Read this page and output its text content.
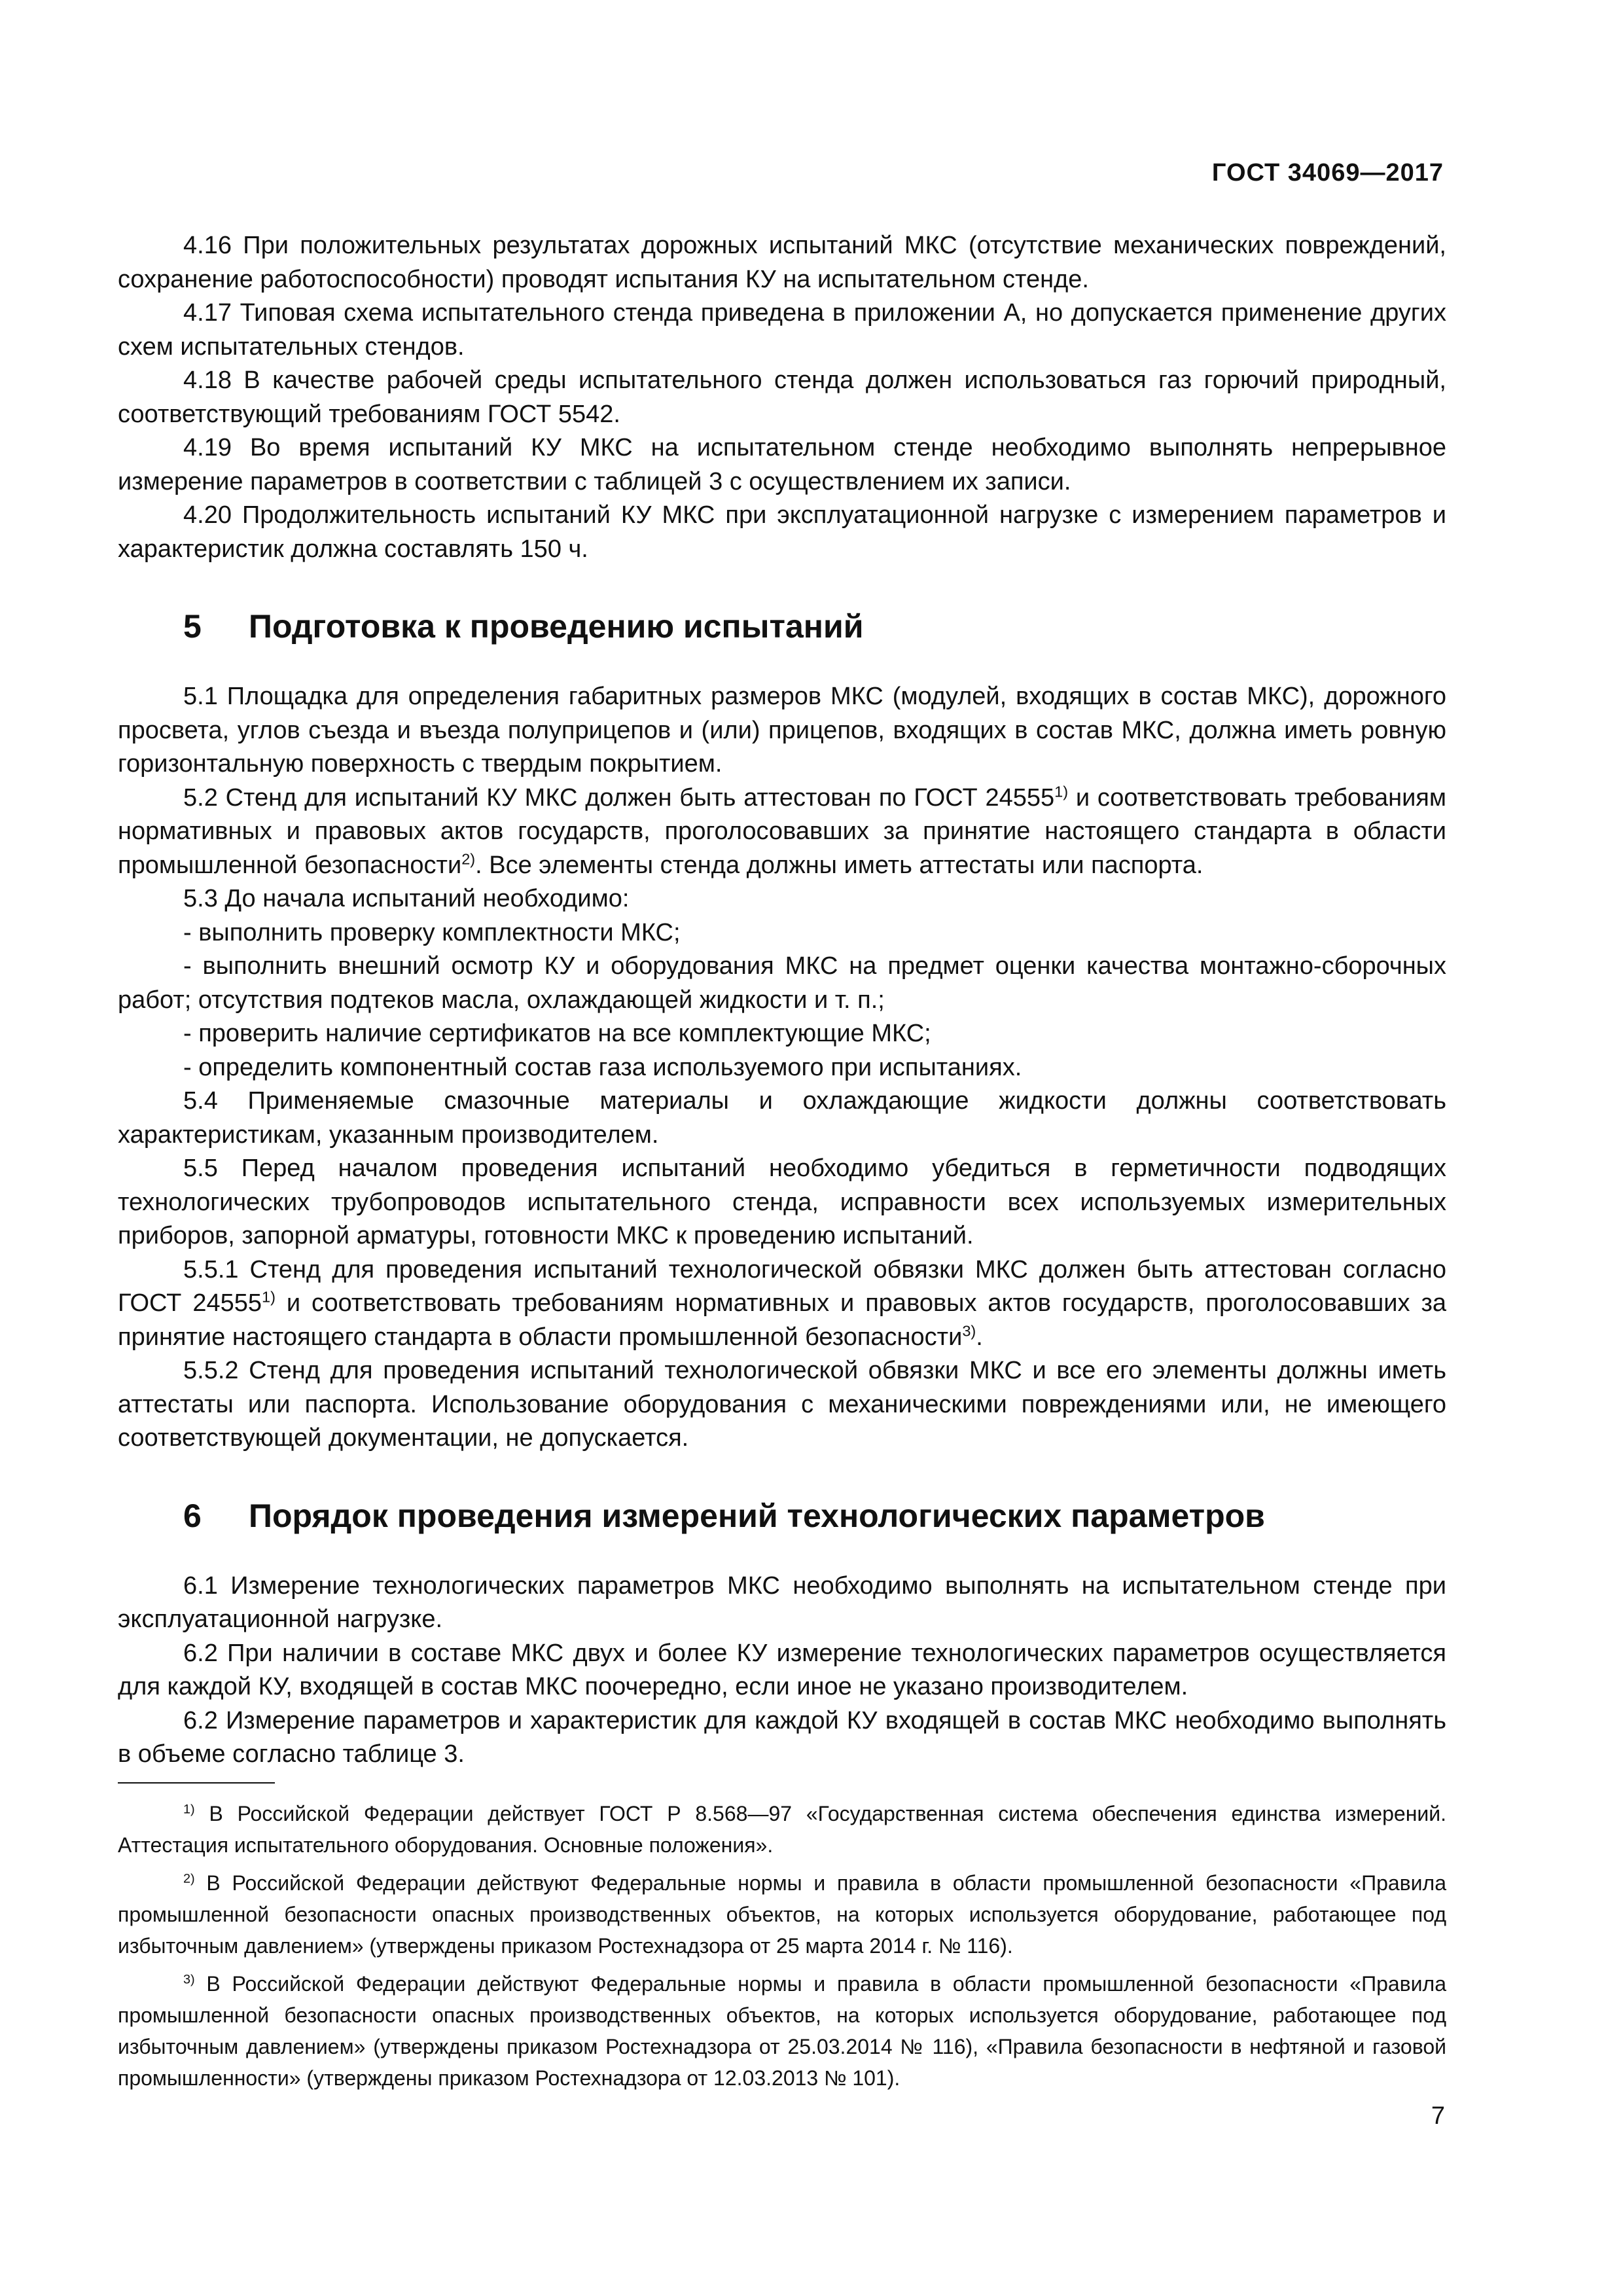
ГОСТ 34069—2017

4.16 При положительных результатах дорожных испытаний МКС (отсутствие механических повреждений, сохранение работоспособности) проводят испытания КУ на испытательном стенде.

4.17 Типовая схема испытательного стенда приведена в приложении А, но допускается применение других схем испытательных стендов.

4.18 В качестве рабочей среды испытательного стенда должен использоваться газ горючий природный, соответствующий требованиям ГОСТ 5542.

4.19 Во время испытаний КУ МКС на испытательном стенде необходимо выполнять непрерывное измерение параметров в соответствии с таблицей 3 с осуществлением их записи.

4.20 Продолжительность испытаний КУ МКС при эксплуатационной нагрузке с измерением параметров и характеристик должна составлять 150 ч.

5 Подготовка к проведению испытаний

5.1 Площадка для определения габаритных размеров МКС (модулей, входящих в состав МКС), дорожного просвета, углов съезда и въезда полуприцепов и (или) прицепов, входящих в состав МКС, должна иметь ровную горизонтальную поверхность с твердым покрытием.

5.2 Стенд для испытаний КУ МКС должен быть аттестован по ГОСТ 24555$^{1)}$ и соответствовать требованиям нормативных и правовых актов государств, проголосовавших за принятие настоящего стандарта в области промышленной безопасности$^{2)}$. Все элементы стенда должны иметь аттестаты или паспорта.

5.3 До начала испытаний необходимо:

- выполнить проверку комплектности МКС;

- выполнить внешний осмотр КУ и оборудования МКС на предмет оценки качества монтажно-сборочных работ; отсутствия подтеков масла, охлаждающей жидкости и т. п.;

- проверить наличие сертификатов на все комплектующие МКС;

- определить компонентный состав газа используемого при испытаниях.

5.4 Применяемые смазочные материалы и охлаждающие жидкости должны соответствовать характеристикам, указанным производителем.

5.5 Перед началом проведения испытаний необходимо убедиться в герметичности подводящих технологических трубопроводов испытательного стенда, исправности всех используемых измерительных приборов, запорной арматуры, готовности МКС к проведению испытаний.

5.5.1 Стенд для проведения испытаний технологической обвязки МКС должен быть аттестован согласно ГОСТ 24555$^{1)}$ и соответствовать требованиям нормативных и правовых актов государств, проголосовавших за принятие настоящего стандарта в области промышленной безопасности$^{3)}$.

5.5.2 Стенд для проведения испытаний технологической обвязки МКС и все его элементы должны иметь аттестаты или паспорта. Использование оборудования с механическими повреждениями или, не имеющего соответствующей документации, не допускается.

6 Порядок проведения измерений технологических параметров

6.1 Измерение технологических параметров МКС необходимо выполнять на испытательном стенде при эксплуатационной нагрузке.

6.2 При наличии в составе МКС двух и более КУ измерение технологических параметров осуществляется для каждой КУ, входящей в состав МКС поочередно, если иное не указано производителем.

6.2 Измерение параметров и характеристик для каждой КУ входящей в состав МКС необходимо выполнять в объеме согласно таблице 3.

$^{1)}$ В Российской Федерации действует ГОСТ Р 8.568—97 «Государственная система обеспечения единства измерений. Аттестация испытательного оборудования. Основные положения».

$^{2)}$ В Российской Федерации действуют Федеральные нормы и правила в области промышленной безопасности «Правила промышленной безопасности опасных производственных объектов, на которых используется оборудование, работающее под избыточным давлением» (утверждены приказом Ростехнадзора от 25 марта 2014 г. № 116).

$^{3)}$ В Российской Федерации действуют Федеральные нормы и правила в области промышленной безопасности «Правила промышленной безопасности опасных производственных объектов, на которых используется оборудование, работающее под избыточным давлением» (утверждены приказом Ростехнадзора от 25.03.2014 № 116), «Правила безопасности в нефтяной и газовой промышленности» (утверждены приказом Ростехнадзора от 12.03.2013 № 101).

7
